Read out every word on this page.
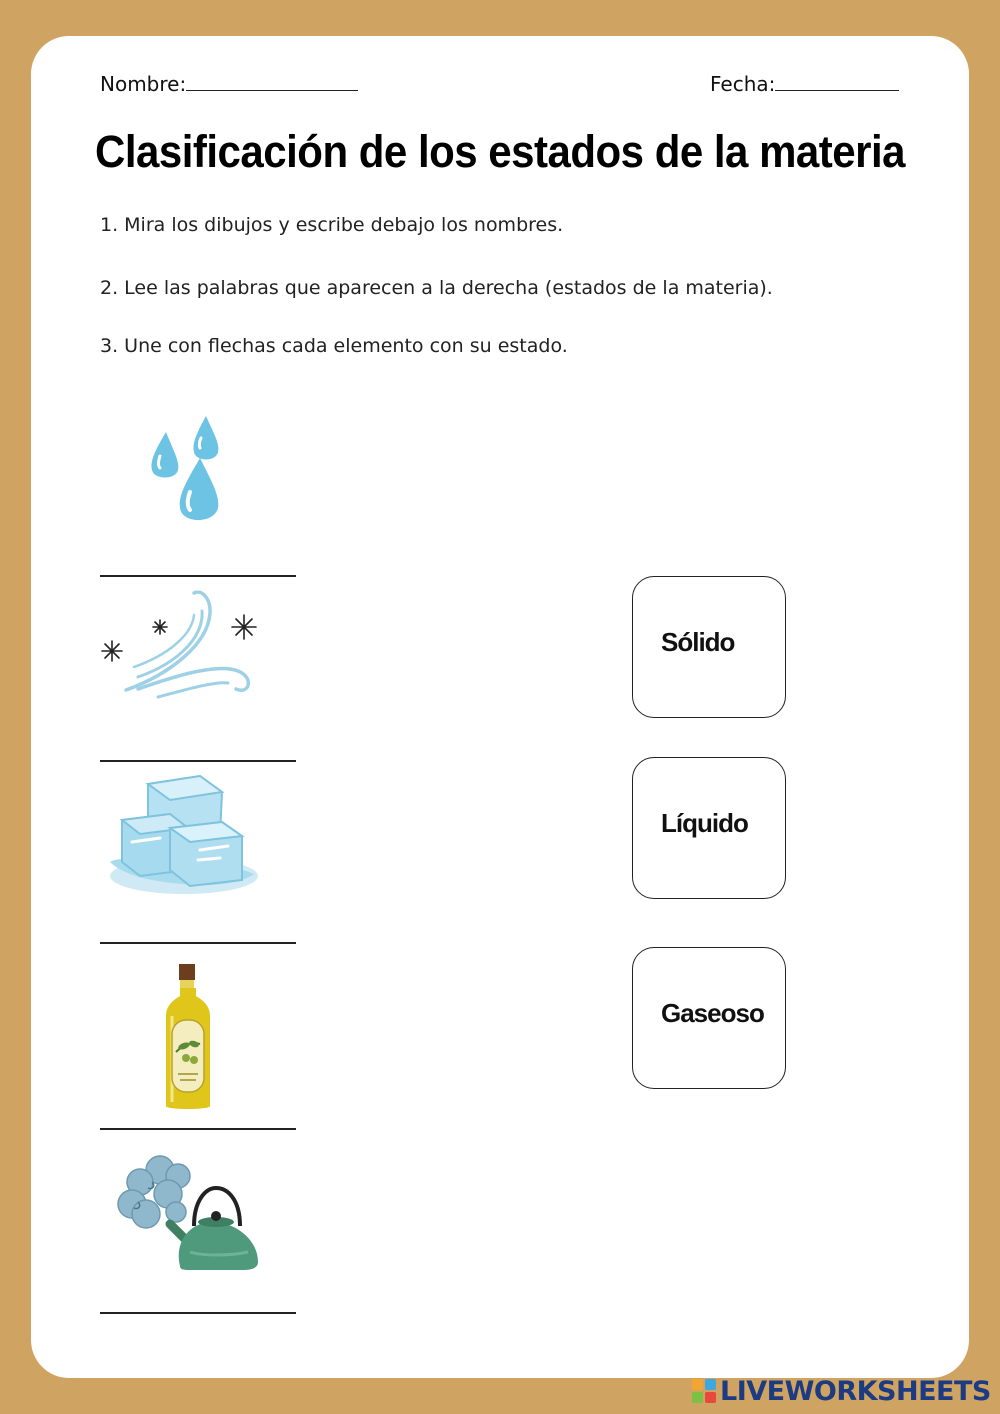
Nombre:	Fecha:
Clasificación de los estados de la materia
1. Mira los dibujos y escribe debajo los nombres.
2. Lee las palabras que aparecen a la derecha (estados de la materia).
3. Une con flechas cada elemento con su estado.
Sólido
Líquido
Gaseoso
LIVEWORKSHEETS
